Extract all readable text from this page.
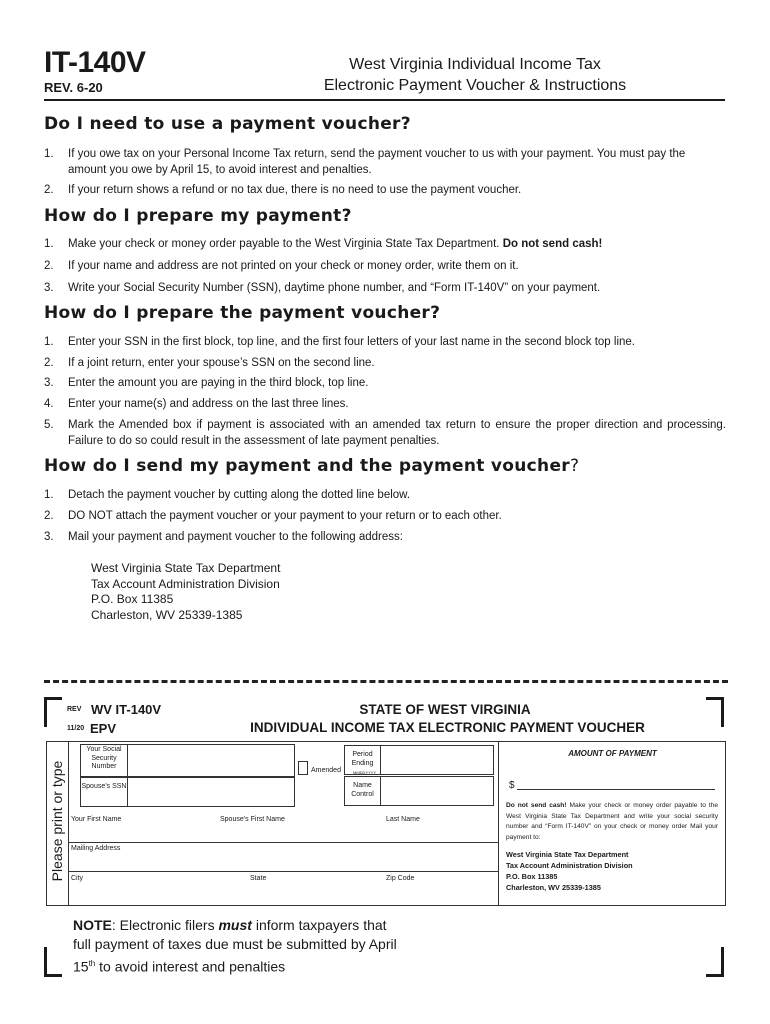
IT-140V
REV. 6-20
West Virginia Individual Income Tax
Electronic Payment Voucher & Instructions
Do I need to use a payment voucher?
1. If you owe tax on your Personal Income Tax return, send the payment voucher to us with your payment. You must pay the amount you owe by April 15, to avoid interest and penalties.
2. If your return shows a refund or no tax due, there is no need to use the payment voucher.
How do I prepare my payment?
1. Make your check or money order payable to the West Virginia State Tax Department. Do not send cash!
2. If your name and address are not printed on your check or money order, write them on it.
3. Write your Social Security Number (SSN), daytime phone number, and “Form IT-140V” on your payment.
How do I prepare the payment voucher?
1. Enter your SSN in the first block, top line, and the first four letters of your last name in the second block top line.
2. If a joint return, enter your spouse’s SSN on the second line.
3. Enter the amount you are paying in the third block, top line.
4. Enter your name(s) and address on the last three lines.
5. Mark the Amended box if payment is associated with an amended tax return to ensure the proper direction and processing. Failure to do so could result in the assessment of late payment penalties.
How do I send my payment and the payment voucher?
1. Detach the payment voucher by cutting along the dotted line below.
2. DO NOT attach the payment voucher or your payment to your return or to each other.
3. Mail your payment and payment voucher to the following address:
West Virginia State Tax Department
Tax Account Administration Division
P.O. Box 11385
Charleston, WV 25339-1385
REV WV IT-140V
11/20 EPV
STATE OF WEST VIRGINIA
INDIVIDUAL INCOME TAX ELECTRONIC PAYMENT VOUCHER
Please print or type
Your Social Security Number
Amended
Period Ending
MMDDYYYY
Spouse’s SSN	Name Control
Your First Name	Spouse’s First Name	Last Name
Mailing Address
City	State	Zip Code
AMOUNT OF PAYMENT
$
Do not send cash! Make your check or money order payable to the West Virginia State Tax Department and write your social security number and “Form IT-140V” on your check or money order Mail your payment to:
West Virginia State Tax Department
Tax Account Administration Division
P.O. Box 11385
Charleston, WV 25339-1385
NOTE: Electronic filers must inform taxpayers that full payment of taxes due must be submitted by April 15th to avoid interest and penalties
